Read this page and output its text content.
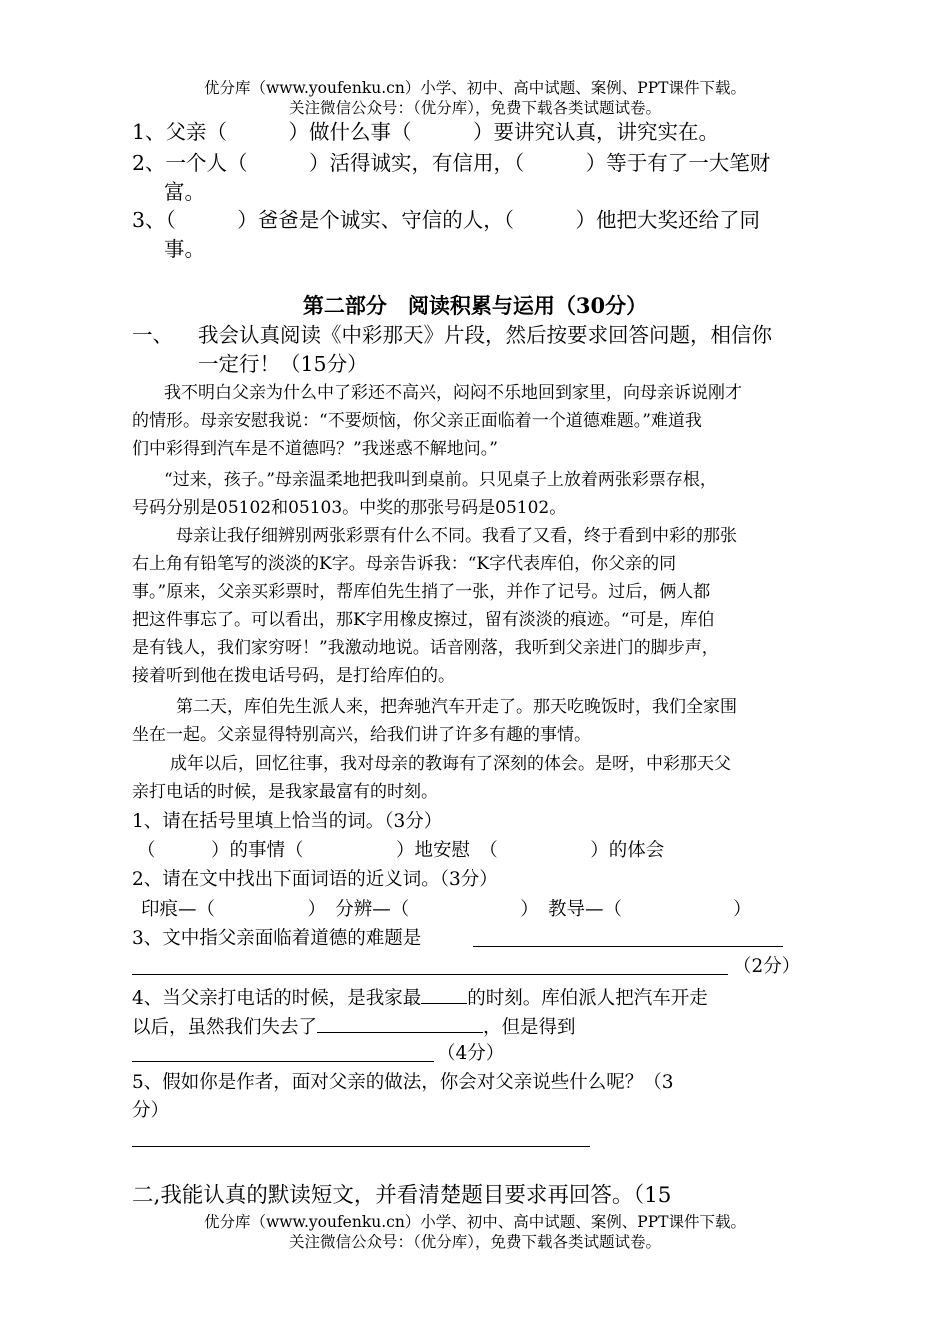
优分库（www.youfenku.cn）小学、初中、高中试题、案例、PPT课件下载。
关注微信公众号：（优分库），免费下载各类试题试卷。
1、父亲（　　　）做什么事（　　　）要讲究认真，讲究实在。
2、一个人（　　　）活得诚实，有信用，（　　　）等于有了一大笔财
富。
3、（　　　）爸爸是个诚实、守信的人，（　　　）他把大奖还给了同
事。
第二部分　阅读积累与运用（30分）
一、 我会认真阅读《中彩那天》片段，然后按要求回答问题，相信你
一定行！（15分）
我不明白父亲为什么中了彩还不高兴，闷闷不乐地回到家里，向母亲诉说刚才
的情形。母亲安慰我说：“不要烦恼，你父亲正面临着一个道德难题。”难道我
们中彩得到汽车是不道德吗？”我迷惑不解地问。”
“过来，孩子。”母亲温柔地把我叫到桌前。只见桌子上放着两张彩票存根，
号码分别是05102和05103。中奖的那张号码是05102。
母亲让我仔细辨别两张彩票有什么不同。我看了又看，终于看到中彩的那张
右上角有铅笔写的淡淡的K字。母亲告诉我：“K字代表库伯，你父亲的同
事。”原来，父亲买彩票时，帮库伯先生捎了一张，并作了记号。过后，俩人都
把这件事忘了。可以看出，那K字用橡皮擦过，留有淡淡的痕迹。“可是，库伯
是有钱人，我们家穷呀！”我激动地说。话音刚落，我听到父亲进门的脚步声，
接着听到他在拨电话号码，是打给库伯的。
第二天，库伯先生派人来，把奔驰汽车开走了。那天吃晚饭时，我们全家围
坐在一起。父亲显得特别高兴，给我们讲了许多有趣的事情。
成年以后，回忆往事，我对母亲的教诲有了深刻的体会。是呀，中彩那天父
亲打电话的时候，是我家最富有的时刻。
1、请在括号里填上恰当的词。（3分）
（　　　）的事情（　　　　　）地安慰　（　　　　　）的体会
2、请在文中找出下面词语的近义词。（3分）
印痕—（　　　　　）　分辨—（　　　　　　）　教导—（　　　　　　）
3、文中指父亲面临着道德的难题是
（2分）
4、当父亲打电话的时候，是我家最 的时刻。库伯派人把汽车开走
以后，虽然我们失去了	，但是得到
（4分）
5、假如你是作者，面对父亲的做法，你会对父亲说些什么呢？（3
分）
二,我能认真的默读短文，并看清楚题目要求再回答。（15
优分库（www.youfenku.cn）小学、初中、高中试题、案例、PPT课件下载。
关注微信公众号：（优分库），免费下载各类试题试卷。
